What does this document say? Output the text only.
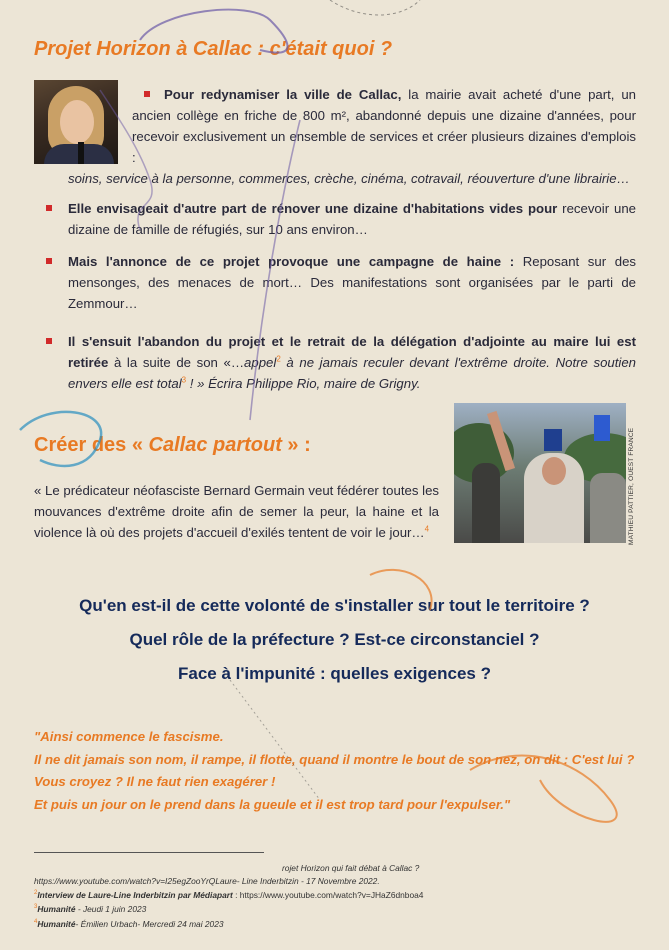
Projet Horizon à Callac : c'était quoi ?
Pour redynamiser la ville de Callac, la mairie avait acheté d'une part, un ancien collège en friche de 800 m², abandonné depuis une dizaine d'années, pour recevoir exclusivement un ensemble de services et créer plusieurs dizaines d'emplois :
soins, service à la personne, commerces, crèche, cinéma, cotravail, réouverture d'une librairie…
Elle envisageait d'autre part de rénover une dizaine d'habitations vides pour recevoir une dizaine de famille de réfugiés, sur 10 ans environ…
Mais l'annonce de ce projet provoque une campagne de haine : Reposant sur des mensonges, des menaces de mort… Des manifestations sont organisées par le parti de Zemmour…
Il s'ensuit l'abandon du projet et le retrait de la délégation d'adjointe au maire lui est retirée à la suite de son «…appel$^2$ à ne jamais reculer devant l'extrême droite. Notre soutien envers elle est total$^3$ ! » Écrira Philippe Rio, maire de Grigny.
Créer des « Callac partout » :
« Le prédicateur néofasciste Bernard Germain veut fédérer toutes les mouvances d'extrême droite afin de semer la peur, la haine et la violence là où des projets d'accueil d'exilés tentent de voir le jour…$^4$	MATHIEU PATTIER, OUEST FRANCE
Qu'en est-il de cette volonté de s'installer sur tout le territoire ?
Quel rôle de la préfecture ? Est-ce circonstanciel ?
Face à l'impunité : quelles exigences ?

"Ainsi commence le fascisme.

Il ne dit jamais son nom, il rampe, il flotte, quand il montre le bout de son nez, on dit : C'est lui ? Vous croyez ? Il ne faut rien exagérer !

Et puis un jour on le prend dans la gueule et il est trop tard pour l'expulser."

rojet Horizon qui fait débat à Callac ?
https://www.youtube.com/watch?v=I25egZooYrQLaure- Line Inderbitzin - 17 Novembre 2022.
$^2$Interview de Laure-Line Inderbitzin par Médiapart : https://www.youtube.com/watch?v=JHaZ6dnboa4
$^3$Humanité - Jeudi 1 juin 2023
$^4$Humanité- Émilien Urbach- Mercredi 24 mai 2023
